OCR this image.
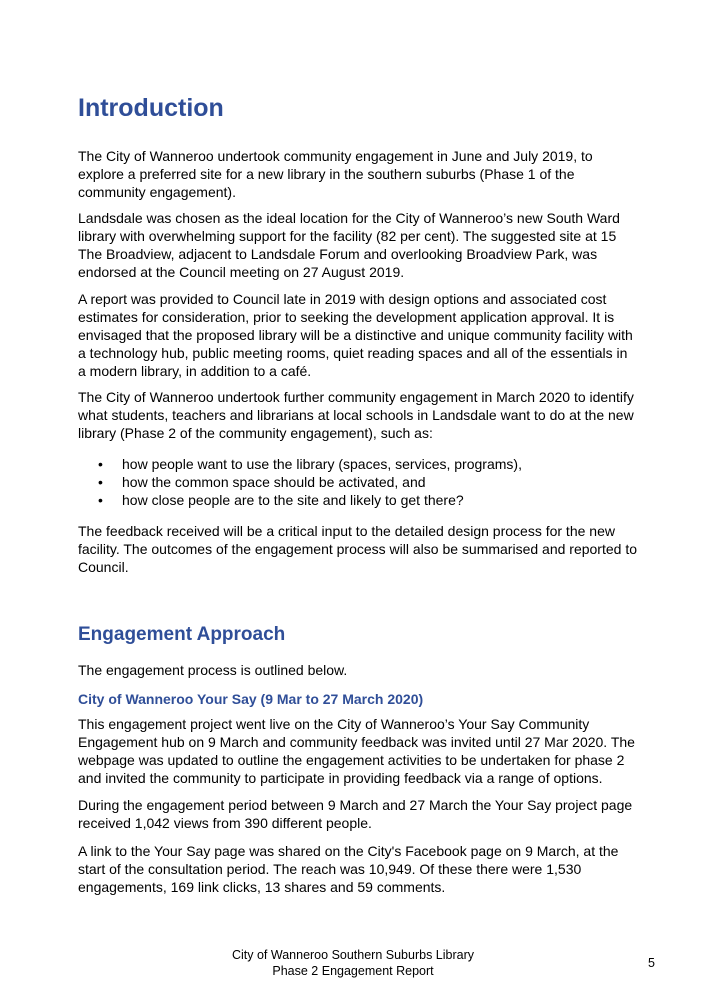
Introduction

The City of Wanneroo undertook community engagement in June and July 2019, to explore a preferred site for a new library in the southern suburbs (Phase 1 of the community engagement).

Landsdale was chosen as the ideal location for the City of Wanneroo’s new South Ward library with overwhelming support for the facility (82 per cent). The suggested site at 15 The Broadview, adjacent to Landsdale Forum and overlooking Broadview Park, was endorsed at the Council meeting on 27 August 2019.

A report was provided to Council late in 2019 with design options and associated cost estimates for consideration, prior to seeking the development application approval. It is envisaged that the proposed library will be a distinctive and unique community facility with a technology hub, public meeting rooms, quiet reading spaces and all of the essentials in a modern library, in addition to a café.

The City of Wanneroo undertook further community engagement in March 2020 to identify what students, teachers and librarians at local schools in Landsdale want to do at the new library (Phase 2 of the community engagement), such as:

• how people want to use the library (spaces, services, programs),
• how the common space should be activated, and
• how close people are to the site and likely to get there?

The feedback received will be a critical input to the detailed design process for the new facility. The outcomes of the engagement process will also be summarised and reported to Council.

Engagement Approach

The engagement process is outlined below.

City of Wanneroo Your Say (9 Mar to 27 March 2020)

This engagement project went live on the City of Wanneroo’s Your Say Community Engagement hub on 9 March and community feedback was invited until 27 Mar 2020. The webpage was updated to outline the engagement activities to be undertaken for phase 2 and invited the community to participate in providing feedback via a range of options.

During the engagement period between 9 March and 27 March the Your Say project page received 1,042 views from 390 different people.

A link to the Your Say page was shared on the City's Facebook page on 9 March, at the start of the consultation period. The reach was 10,949. Of these there were 1,530 engagements, 169 link clicks, 13 shares and 59 comments.

City of Wanneroo Southern Suburbs Library
Phase 2 Engagement Report
5
